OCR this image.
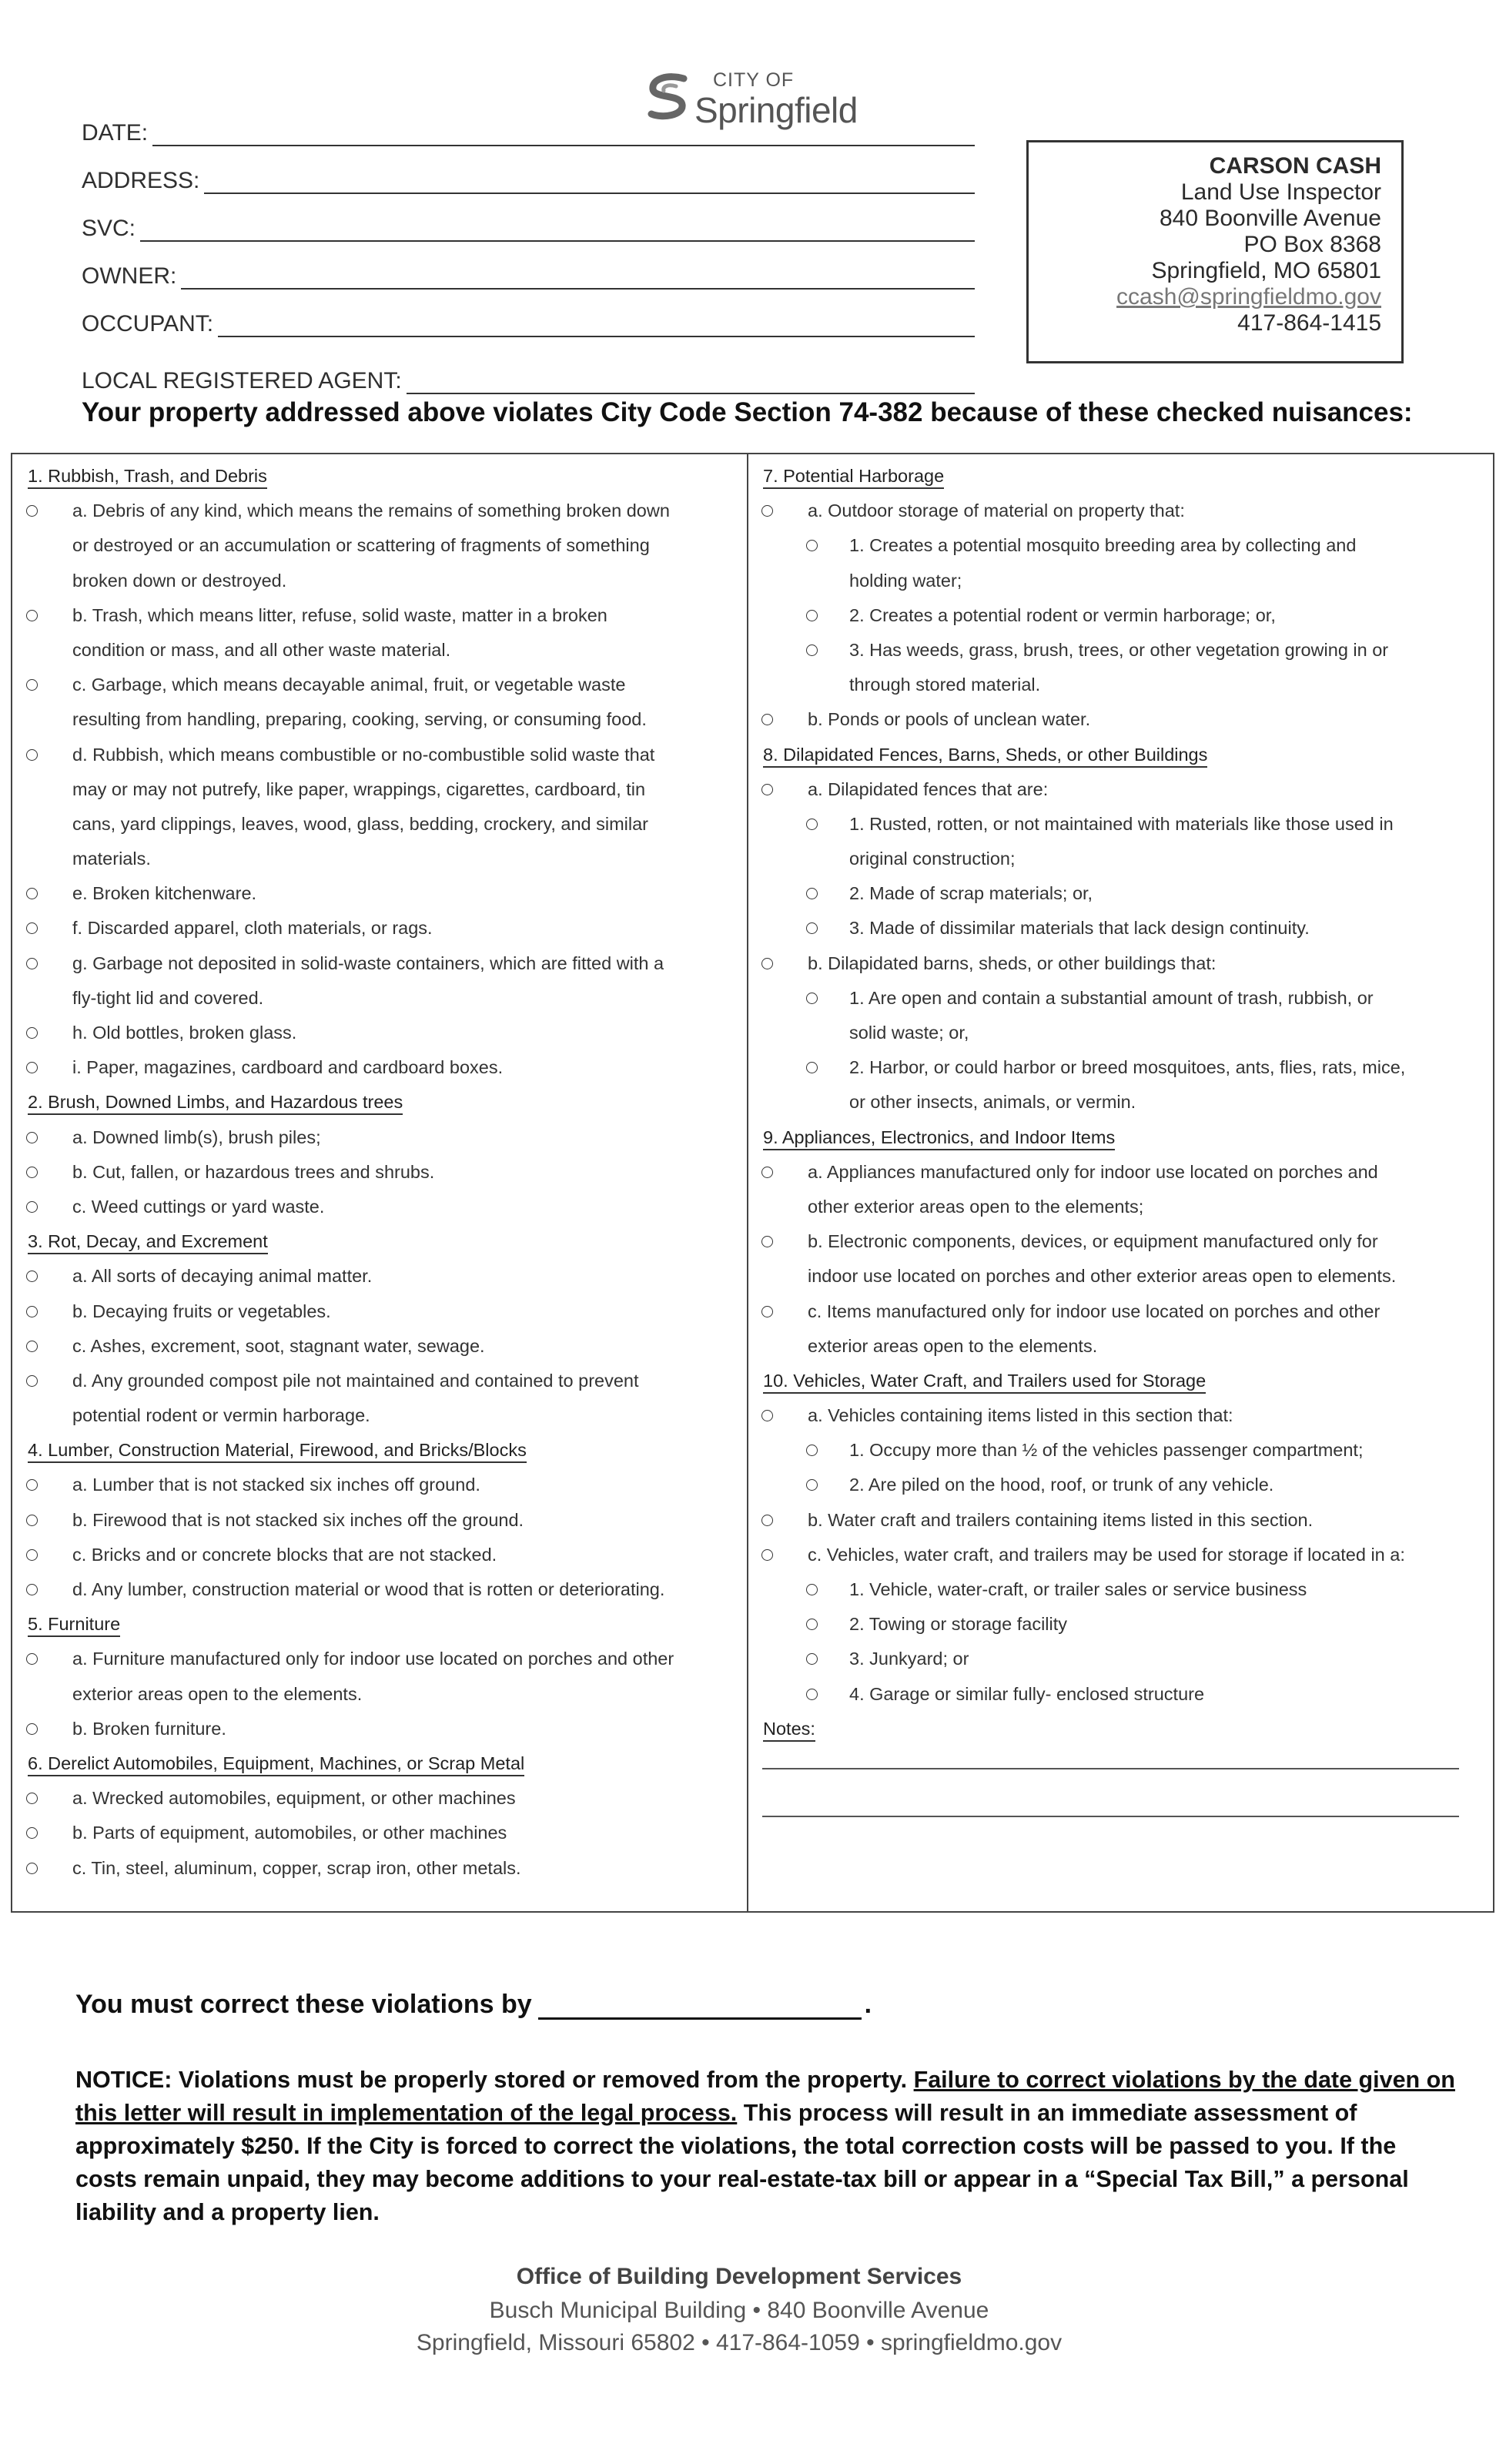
CITY OF
Springfield
DATE:
ADDRESS:
SVC:
OWNER:
OCCUPANT:
LOCAL REGISTERED AGENT:
CARSON CASH
Land Use Inspector
840 Boonville Avenue
PO Box 8368
Springfield, MO 65801
ccash@springfieldmo.gov
417-864-1415
Your property addressed above violates City Code Section 74-382 because of these checked nuisances:
1. Rubbish, Trash, and Debris
a. Debris of any kind, which means the remains of something broken down
or destroyed or an accumulation or scattering of fragments of something
broken down or destroyed.
b. Trash, which means litter, refuse, solid waste, matter in a broken
condition or mass, and all other waste material.
c. Garbage, which means decayable animal, fruit, or vegetable waste
resulting from handling, preparing, cooking, serving, or consuming food.
d. Rubbish, which means combustible or no-combustible solid waste that
may or may not putrefy, like paper, wrappings, cigarettes, cardboard, tin
cans, yard clippings, leaves, wood, glass, bedding, crockery, and similar
materials.
e. Broken kitchenware.
f. Discarded apparel, cloth materials, or rags.
g. Garbage not deposited in solid-waste containers, which are fitted with a
fly-tight lid and covered.
h. Old bottles, broken glass.
i. Paper, magazines, cardboard and cardboard boxes.
2. Brush, Downed Limbs, and Hazardous trees
a. Downed limb(s), brush piles;
b. Cut, fallen, or hazardous trees and shrubs.
c. Weed cuttings or yard waste.
3. Rot, Decay, and Excrement
a. All sorts of decaying animal matter.
b. Decaying fruits or vegetables.
c. Ashes, excrement, soot, stagnant water, sewage.
d. Any grounded compost pile not maintained and contained to prevent
potential rodent or vermin harborage.
4. Lumber, Construction Material, Firewood, and Bricks/Blocks
a. Lumber that is not stacked six inches off ground.
b. Firewood that is not stacked six inches off the ground.
c. Bricks and or concrete blocks that are not stacked.
d. Any lumber, construction material or wood that is rotten or deteriorating.
5. Furniture
a. Furniture manufactured only for indoor use located on porches and other
exterior areas open to the elements.
b. Broken furniture.
6. Derelict Automobiles, Equipment, Machines, or Scrap Metal
a. Wrecked automobiles, equipment, or other machines
b. Parts of equipment, automobiles, or other machines
c. Tin, steel, aluminum, copper, scrap iron, other metals.
7. Potential Harborage
a. Outdoor storage of material on property that:
1. Creates a potential mosquito breeding area by collecting and
holding water;
2. Creates a potential rodent or vermin harborage; or,
3. Has weeds, grass, brush, trees, or other vegetation growing in or
through stored material.
b. Ponds or pools of unclean water.
8. Dilapidated Fences, Barns, Sheds, or other Buildings
a. Dilapidated fences that are:
1. Rusted, rotten, or not maintained with materials like those used in
original construction;
2. Made of scrap materials; or,
3. Made of dissimilar materials that lack design continuity.
b. Dilapidated barns, sheds, or other buildings that:
1. Are open and contain a substantial amount of trash, rubbish, or
solid waste; or,
2. Harbor, or could harbor or breed mosquitoes, ants, flies, rats, mice,
or other insects, animals, or vermin.
9. Appliances, Electronics, and Indoor Items
a. Appliances manufactured only for indoor use located on porches and
other exterior areas open to the elements;
b. Electronic components, devices, or equipment manufactured only for
indoor use located on porches and other exterior areas open to elements.
c. Items manufactured only for indoor use located on porches and other
exterior areas open to the elements.
10. Vehicles, Water Craft, and Trailers used for Storage
a. Vehicles containing items listed in this section that:
1. Occupy more than ½ of the vehicles passenger compartment;
2. Are piled on the hood, roof, or trunk of any vehicle.
b. Water craft and trailers containing items listed in this section.
c. Vehicles, water craft, and trailers may be used for storage if located in a:
1. Vehicle, water-craft, or trailer sales or service business
2. Towing or storage facility
3. Junkyard; or
4. Garage or similar fully- enclosed structure
Notes:
You must correct these violations by	.
NOTICE: Violations must be properly stored or removed from the property. Failure to correct violations by the date given on this letter will result in implementation of the legal process. This process will result in an immediate assessment of approximately $250. If the City is forced to correct the violations, the total correction costs will be passed to you. If the costs remain unpaid, they may become additions to your real-estate-tax bill or appear in a “Special Tax Bill,” a personal liability and a property lien.
Office of Building Development Services
Busch Municipal Building • 840 Boonville Avenue
Springfield, Missouri 65802 • 417-864-1059 • springfieldmo.gov
